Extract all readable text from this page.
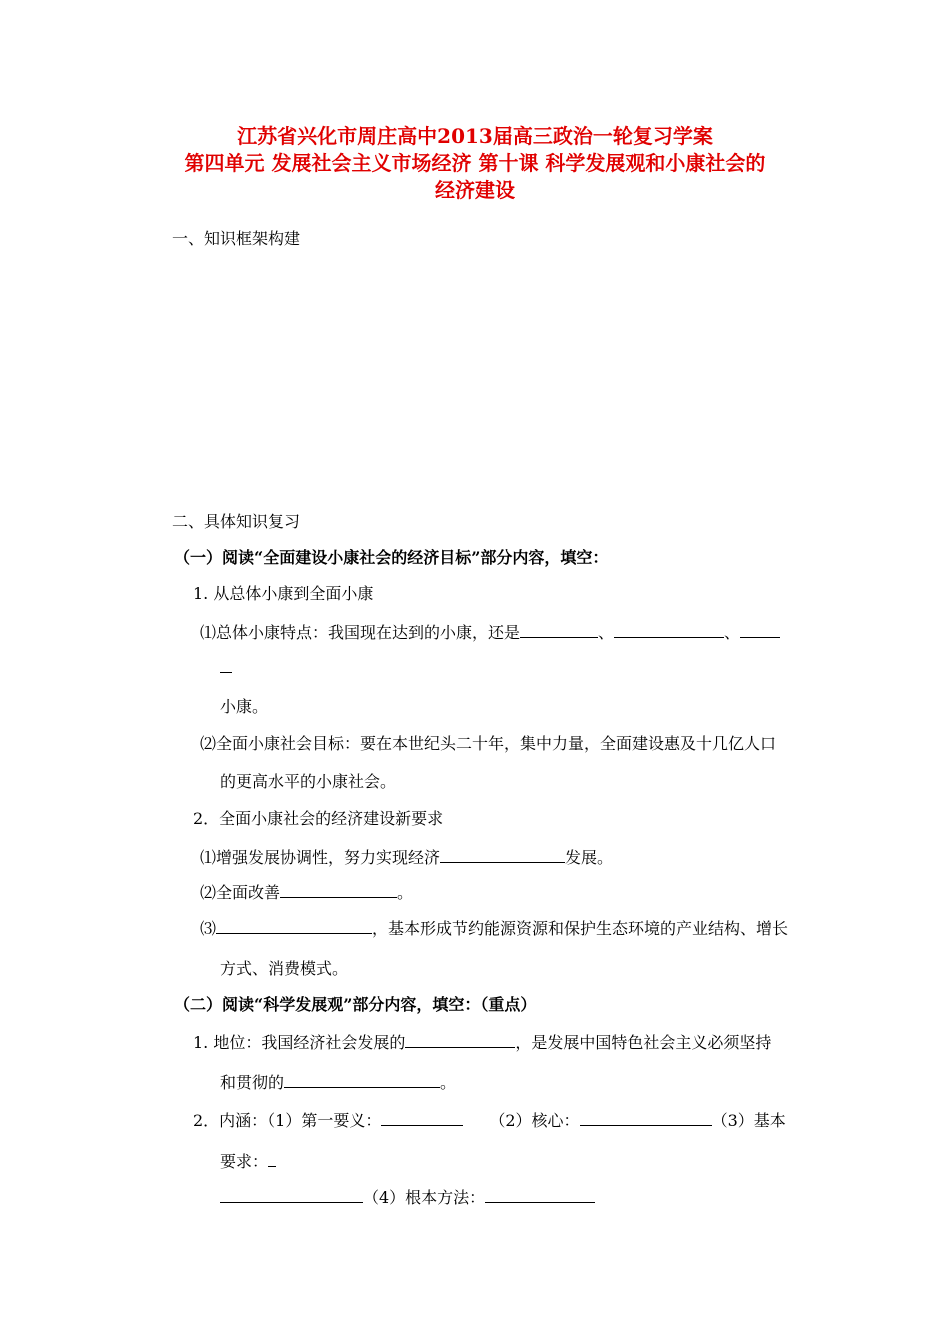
江苏省兴化市周庄高中2013届高三政治一轮复习学案
第四单元 发展社会主义市场经济 第十课 科学发展观和小康社会的
经济建设
一、知识框架构建
二、具体知识复习
（一）阅读“全面建设小康社会的经济目标”部分内容，填空：
1. 从总体小康到全面小康
⑴总体小康特点：我国现在达到的小康，还是	、	、
小康。
⑵全面小康社会目标：要在本世纪头二十年，集中力量，全面建设惠及十几亿人口
的更高水平的小康社会。
2．全面小康社会的经济建设新要求
⑴增强发展协调性，努力实现经济	发展。
⑵全面改善	。
⑶	，基本形成节约能源资源和保护生态环境的产业结构、增长
方式、消费模式。
（二）阅读“科学发展观”部分内容，填空：（重点）
1. 地位：我国经济社会发展的	，是发展中国特色社会主义必须坚持
和贯彻的	。
2．内涵：（1）第一要义：	（2）核心：	（3）基本
要求：
（4）根本方法：
